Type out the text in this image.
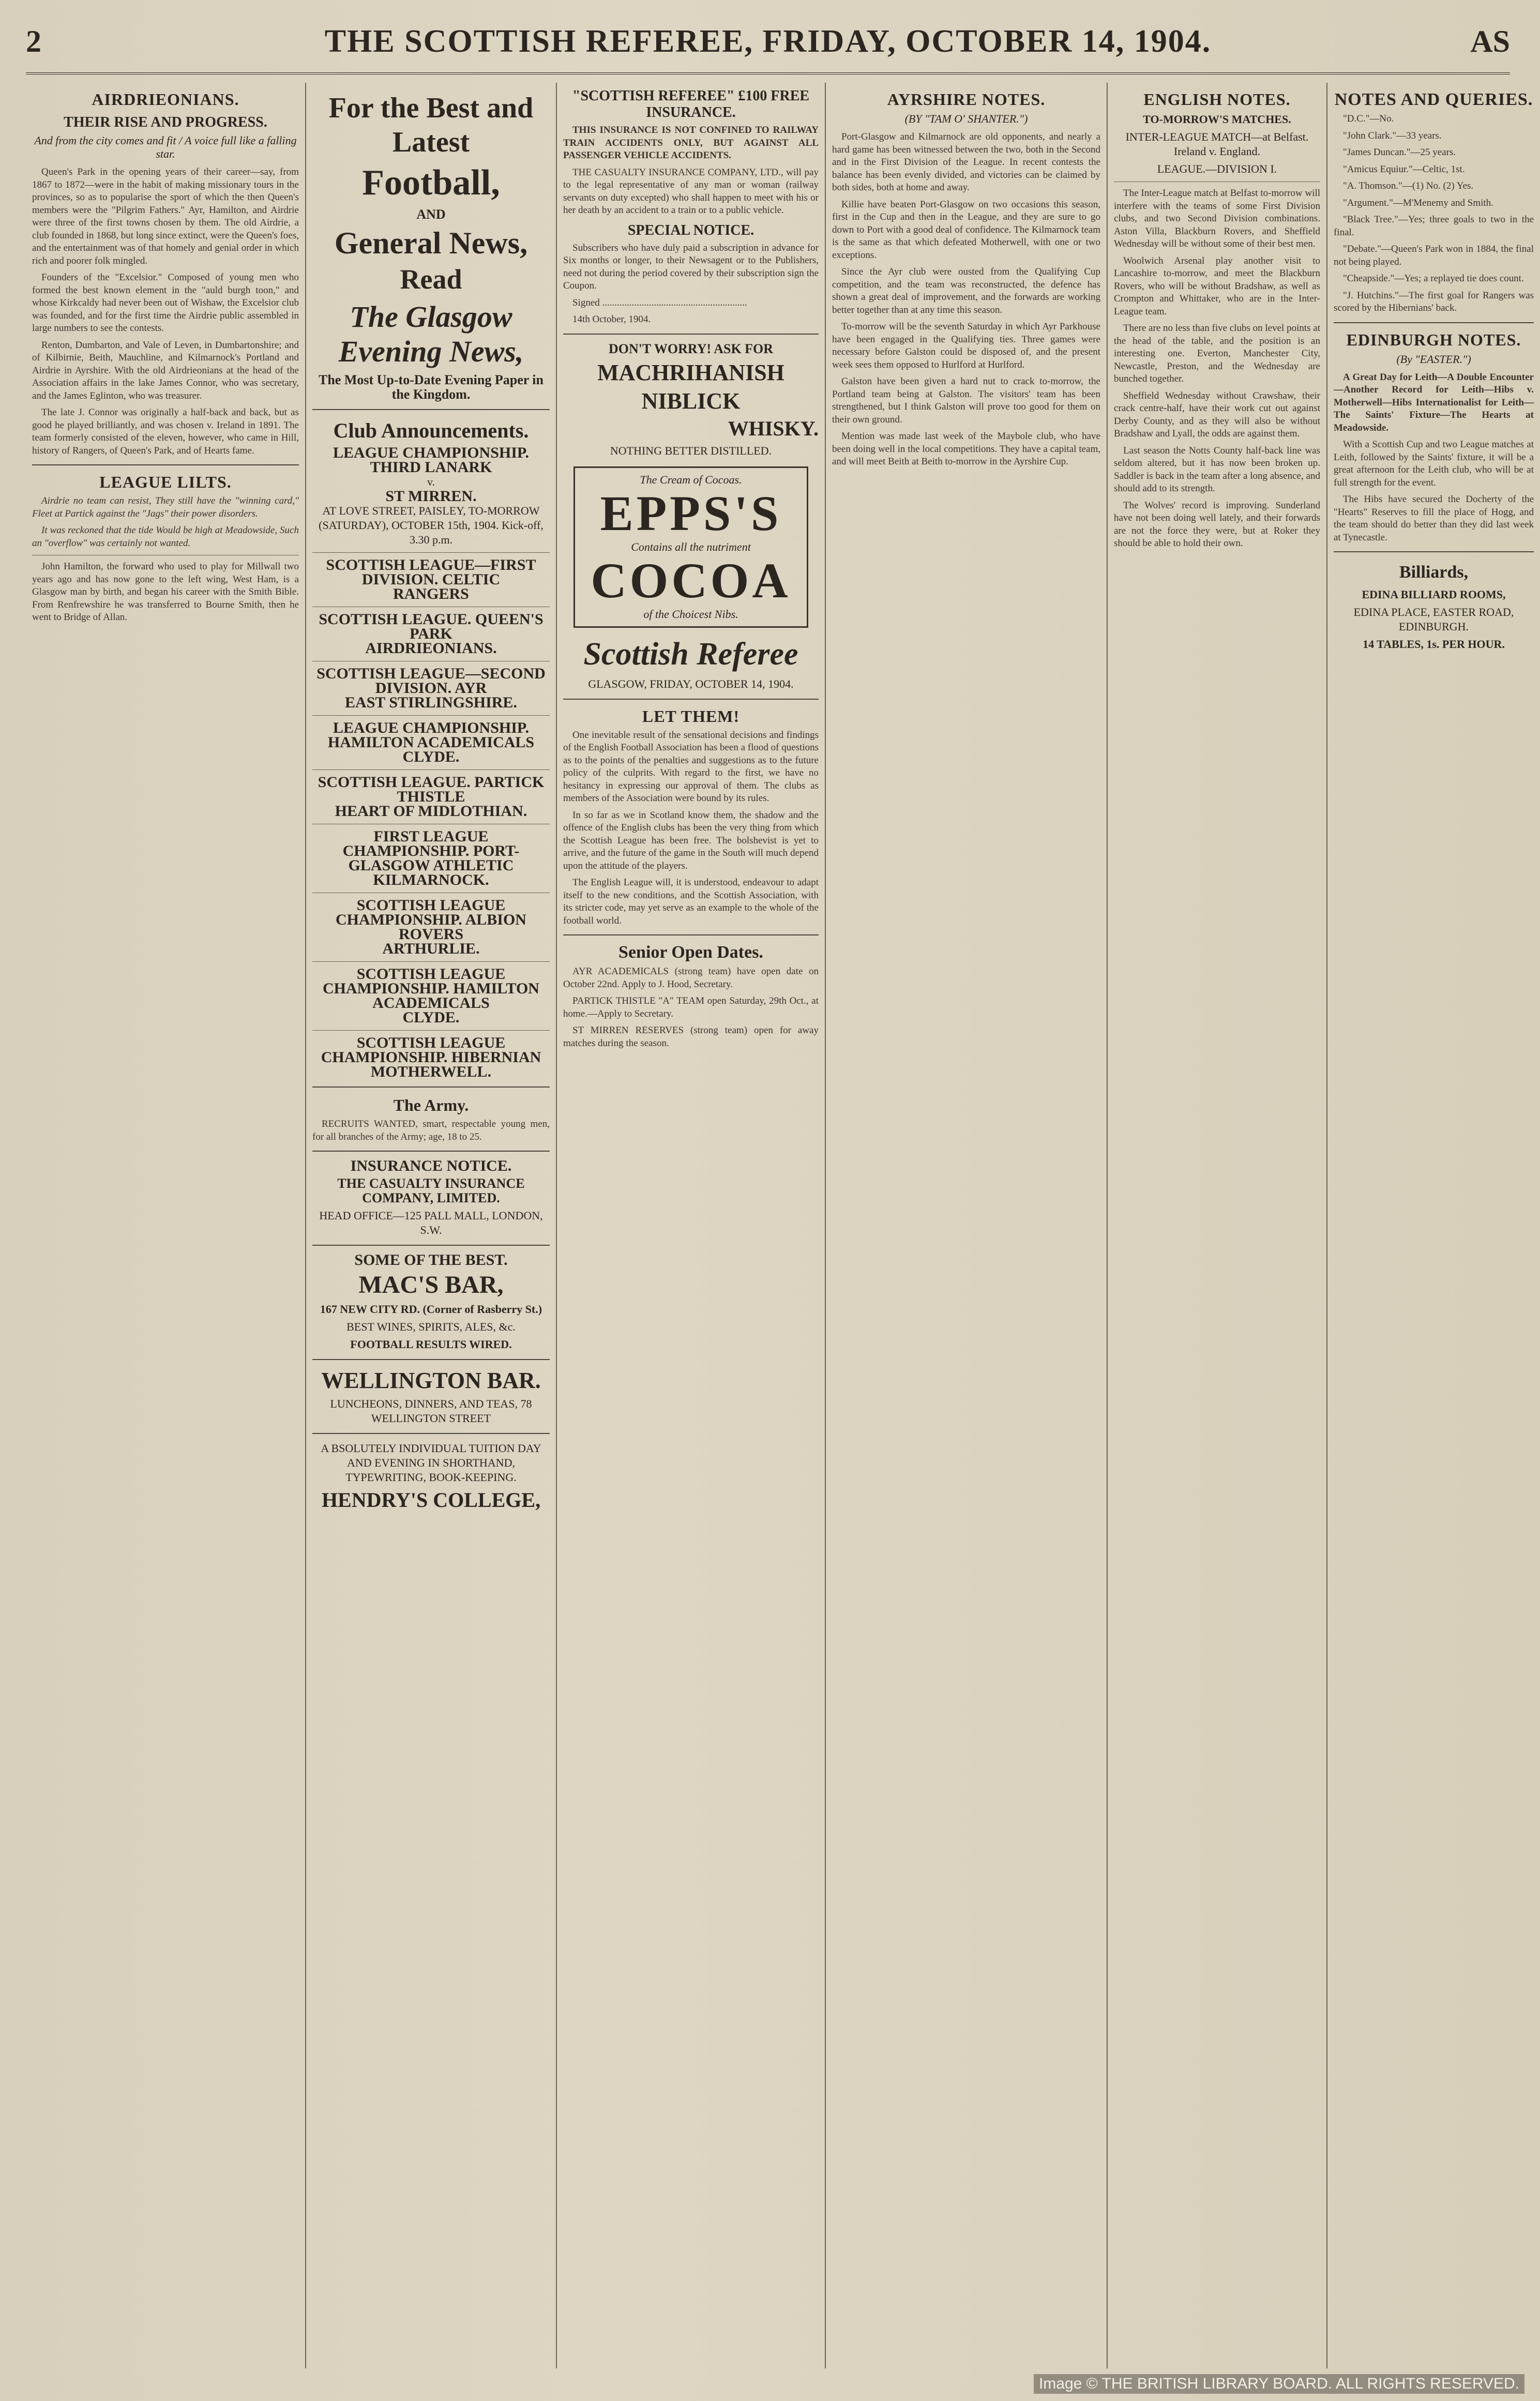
2	THE SCOTTISH REFEREE, FRIDAY, OCTOBER 14, 1904.	AS
AIRDRIEONIANS.
THEIR RISE AND PROGRESS.
And from the city comes and fit / A voice full like a falling star.

Queen's Park in the opening years of their career—say, from 1867 to 1872—were in the habit of making missionary tours in the provinces, so as to popularise the sport of which the then Queen's members were the "Pilgrim Fathers." Ayr, Hamilton, and Airdrie were three of the first towns chosen by them. The old Airdrie, a club founded in 1868, but long since extinct, were the Queen's foes, and the entertainment was of that homely and genial order in which rich and poorer folk mingled.

Founders of the "Excelsior." Composed of young men who formed the best known element in the "auld burgh toon," and whose Kirkcaldy had never been out of Wishaw, the Excelsior club was founded, and for the first time the Airdrie public assembled in large numbers to see the contests.

Renton, Dumbarton, and Vale of Leven, in Dumbartonshire; and of Kilbirnie, Beith, Mauchline, and Kilmarnock's Portland and Airdrie in Ayrshire. With the old Airdrieonians at the head of the Association affairs in the lake James Connor, who was secretary, and the James Eglinton, who was treasurer.

The late J. Connor was originally a half-back and back, but as good he played brilliantly, and was chosen v. Ireland in 1891. The team formerly consisted of the eleven, however, who came in Hill, history of Rangers, of Queen's Park, and of Hearts fame.

LEAGUE LILTS.

Airdrie no team can resist, They still have the "winning card," Fleet at Partick against the "Jags" their power disorders.

It was reckoned that the tide Would be high at Meadowside, Such an "overflow" was certainly not wanted.

John Hamilton, the forward who used to play for Millwall two years ago and has now gone to the left wing, West Ham, is a Glasgow man by birth, and began his career with the Smith Bible. From Renfrewshire he was transferred to Bourne Smith, then he went to Bridge of Allan.

For the Best and Latest
Football,
AND
General News,
Read
The Glasgow Evening News,
The Most Up-to-Date Evening Paper in the Kingdom.
Club Announcements.
LEAGUE CHAMPIONSHIP. THIRD LANARK
v.
ST MIRREN.
AT LOVE STREET, PAISLEY, TO-MORROW (SATURDAY), OCTOBER 15th, 1904. Kick-off, 3.30 p.m.
SCOTTISH LEAGUE—FIRST DIVISION. CELTIC
RANGERS
SCOTTISH LEAGUE. QUEEN'S PARK
AIRDRIEONIANS.
SCOTTISH LEAGUE—SECOND DIVISION. AYR
EAST STIRLINGSHIRE.
LEAGUE CHAMPIONSHIP. HAMILTON ACADEMICALS
CLYDE.
SCOTTISH LEAGUE. PARTICK THISTLE
HEART OF MIDLOTHIAN.
FIRST LEAGUE CHAMPIONSHIP. PORT-GLASGOW ATHLETIC
KILMARNOCK.
SCOTTISH LEAGUE CHAMPIONSHIP. ALBION ROVERS
ARTHURLIE.
SCOTTISH LEAGUE CHAMPIONSHIP. HAMILTON ACADEMICALS
CLYDE.
SCOTTISH LEAGUE CHAMPIONSHIP. HIBERNIAN
MOTHERWELL.
The Army.

RECRUITS WANTED, smart, respectable young men, for all branches of the Army; age, 18 to 25.

INSURANCE NOTICE.
THE CASUALTY INSURANCE COMPANY, LIMITED.
HEAD OFFICE—125 PALL MALL, LONDON, S.W.
SOME OF THE BEST.
MAC'S BAR,
167 NEW CITY RD. (Corner of Rasberry St.)
BEST WINES, SPIRITS, ALES, &c.
FOOTBALL RESULTS WIRED.
WELLINGTON BAR.
LUNCHEONS, DINNERS, AND TEAS, 78 WELLINGTON STREET
A BSOLUTELY INDIVIDUAL TUITION DAY AND EVENING IN SHORTHAND, TYPEWRITING, BOOK-KEEPING.
HENDRY'S COLLEGE,
"SCOTTISH REFEREE" £100 FREE INSURANCE.

THIS INSURANCE IS NOT CONFINED TO RAILWAY TRAIN ACCIDENTS ONLY, BUT AGAINST ALL PASSENGER VEHICLE ACCIDENTS.

THE CASUALTY INSURANCE COMPANY, LTD., will pay to the legal representative of any man or woman (railway servants on duty excepted) who shall happen to meet with his or her death by an accident to a train or to a public vehicle.

SPECIAL NOTICE.

Subscribers who have duly paid a subscription in advance for Six months or longer, to their Newsagent or to the Publishers, need not during the period covered by their subscription sign the Coupon.

Signed ...........................................................

14th October, 1904.

DON'T WORRY! ASK FOR
MACHRIHANISH
NIBLICK
WHISKY.
NOTHING BETTER DISTILLED.
The Cream of Cocoas.
EPPS'S
Contains all the nutriment
COCOA
of the Choicest Nibs.
Scottish Referee
GLASGOW, FRIDAY, OCTOBER 14, 1904.
LET THEM!

One inevitable result of the sensational decisions and findings of the English Football Association has been a flood of questions as to the points of the penalties and suggestions as to the future policy of the culprits. With regard to the first, we have no hesitancy in expressing our approval of them. The clubs as members of the Association were bound by its rules.

In so far as we in Scotland know them, the shadow and the offence of the English clubs has been the very thing from which the Scottish League has been free. The bolshevist is yet to arrive, and the future of the game in the South will much depend upon the attitude of the players.

The English League will, it is understood, endeavour to adapt itself to the new conditions, and the Scottish Association, with its stricter code, may yet serve as an example to the whole of the football world.

Senior Open Dates.

AYR ACADEMICALS (strong team) have open date on October 22nd. Apply to J. Hood, Secretary.

PARTICK THISTLE "A" TEAM open Saturday, 29th Oct., at home.—Apply to Secretary.

ST MIRREN RESERVES (strong team) open for away matches during the season.

AYRSHIRE NOTES.
(BY "TAM O' SHANTER.")

Port-Glasgow and Kilmarnock are old opponents, and nearly a hard game has been witnessed between the two, both in the Second and in the First Division of the League. In recent contests the balance has been evenly divided, and victories can be claimed by both sides, both at home and away.

Killie have beaten Port-Glasgow on two occasions this season, first in the Cup and then in the League, and they are sure to go down to Port with a good deal of confidence. The Kilmarnock team is the same as that which defeated Motherwell, with one or two exceptions.

Since the Ayr club were ousted from the Qualifying Cup competition, and the team was reconstructed, the defence has shown a great deal of improvement, and the forwards are working better together than at any time this season.

To-morrow will be the seventh Saturday in which Ayr Parkhouse have been engaged in the Qualifying ties. Three games were necessary before Galston could be disposed of, and the present week sees them opposed to Hurlford at Hurlford.

Galston have been given a hard nut to crack to-morrow, the Portland team being at Galston. The visitors' team has been strengthened, but I think Galston will prove too good for them on their own ground.

Mention was made last week of the Maybole club, who have been doing well in the local competitions. They have a capital team, and will meet Beith at Beith to-morrow in the Ayrshire Cup.

ENGLISH NOTES.
TO-MORROW'S MATCHES.
INTER-LEAGUE MATCH—at Belfast. Ireland v. England.
LEAGUE.—DIVISION I.

The Inter-League match at Belfast to-morrow will interfere with the teams of some First Division clubs, and two Second Division combinations. Aston Villa, Blackburn Rovers, and Sheffield Wednesday will be without some of their best men.

Woolwich Arsenal play another visit to Lancashire to-morrow, and meet the Blackburn Rovers, who will be without Bradshaw, as well as Crompton and Whittaker, who are in the Inter-League team.

There are no less than five clubs on level points at the head of the table, and the position is an interesting one. Everton, Manchester City, Newcastle, Preston, and the Wednesday are bunched together.

Sheffield Wednesday without Crawshaw, their crack centre-half, have their work cut out against Derby County, and as they will also be without Bradshaw and Lyall, the odds are against them.

Last season the Notts County half-back line was seldom altered, but it has now been broken up. Saddler is back in the team after a long absence, and should add to its strength.

The Wolves' record is improving. Sunderland have not been doing well lately, and their forwards are not the force they were, but at Roker they should be able to hold their own.

NOTES AND QUERIES.

"D.C."—No.

"John Clark."—33 years.

"James Duncan."—25 years.

"Amicus Equiur."—Celtic, 1st.

"A. Thomson."—(1) No. (2) Yes.

"Argument."—M'Menemy and Smith.

"Black Tree."—Yes; three goals to two in the final.

"Debate."—Queen's Park won in 1884, the final not being played.

"Cheapside."—Yes; a replayed tie does count.

"J. Hutchins."—The first goal for Rangers was scored by the Hibernians' back.

EDINBURGH NOTES.
(By "EASTER.")

A Great Day for Leith—A Double Encounter—Another Record for Leith—Hibs v. Motherwell—Hibs Internationalist for Leith—The Saints' Fixture—The Hearts at Meadowside.

With a Scottish Cup and two League matches at Leith, followed by the Saints' fixture, it will be a great afternoon for the Leith club, who will be at full strength for the event.

The Hibs have secured the Docherty of the "Hearts" Reserves to fill the place of Hogg, and the team should do better than they did last week at Tynecastle.

Billiards,
EDINA BILLIARD ROOMS,
EDINA PLACE, EASTER ROAD, EDINBURGH.
14 TABLES, 1s. PER HOUR.
Image © THE BRITISH LIBRARY BOARD. ALL RIGHTS RESERVED.
